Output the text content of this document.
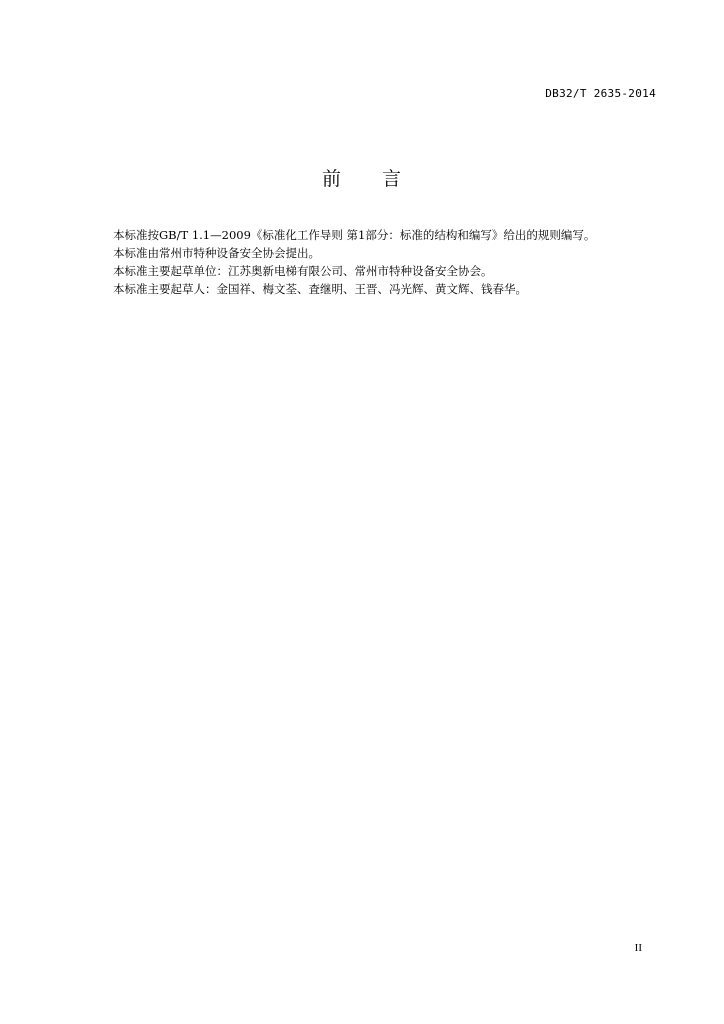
DB32/T 2635-2014
前　　言

本标准按GB/T 1.1—2009《标准化工作导则 第1部分：标准的结构和编写》给出的规则编写。

本标准由常州市特种设备安全协会提出。

本标准主要起草单位：江苏奥新电梯有限公司、常州市特种设备安全协会。

本标准主要起草人：金国祥、梅文荃、査继明、王晋、冯光辉、黄文辉、钱春华。

II
